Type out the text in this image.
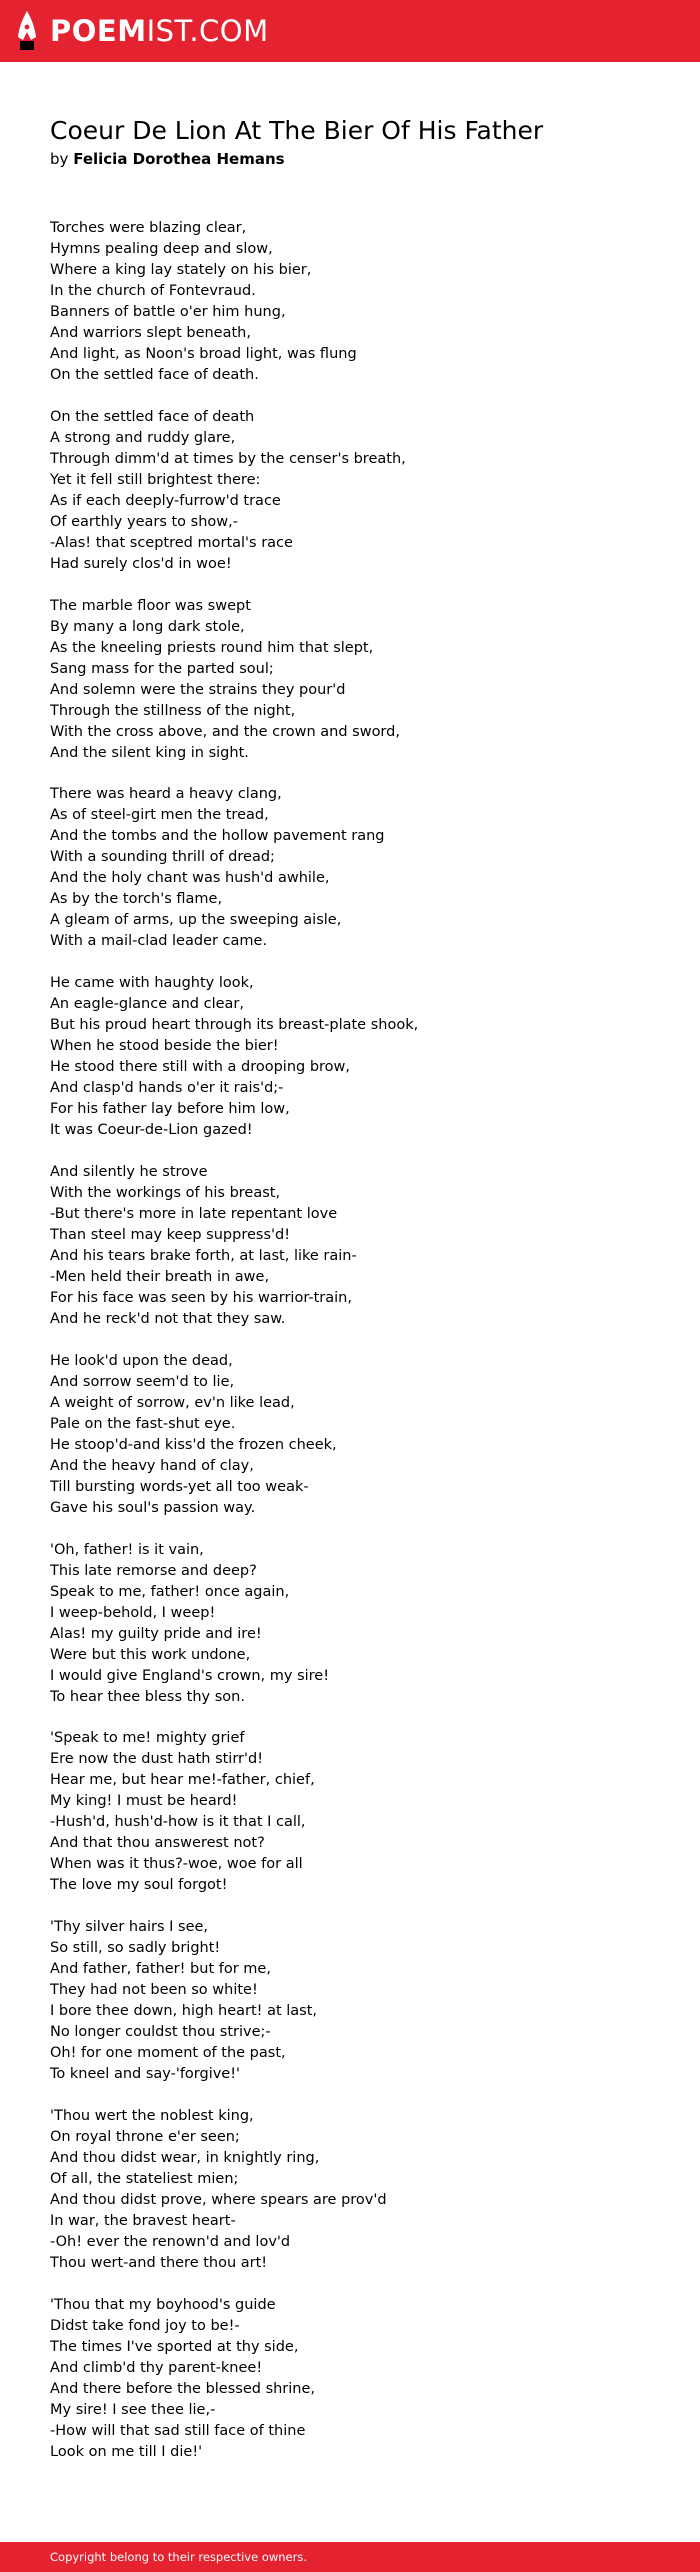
POEMIST.COM
Coeur De Lion At The Bier Of His Father
by Felicia Dorothea Hemans
Torches were blazing clear,
Hymns pealing deep and slow,
Where a king lay stately on his bier,
In the church of Fontevraud.
Banners of battle o'er him hung,
And warriors slept beneath,
And light, as Noon's broad light, was flung
On the settled face of death.
On the settled face of death
A strong and ruddy glare,
Through dimm'd at times by the censer's breath,
Yet it fell still brightest there:
As if each deeply-furrow'd trace
Of earthly years to show,-
-Alas! that sceptred mortal's race
Had surely clos'd in woe!
The marble floor was swept
By many a long dark stole,
As the kneeling priests round him that slept,
Sang mass for the parted soul;
And solemn were the strains they pour'd
Through the stillness of the night,
With the cross above, and the crown and sword,
And the silent king in sight.
There was heard a heavy clang,
As of steel-girt men the tread,
And the tombs and the hollow pavement rang
With a sounding thrill of dread;
And the holy chant was hush'd awhile,
As by the torch's flame,
A gleam of arms, up the sweeping aisle,
With a mail-clad leader came.
He came with haughty look,
An eagle-glance and clear,
But his proud heart through its breast-plate shook,
When he stood beside the bier!
He stood there still with a drooping brow,
And clasp'd hands o'er it rais'd;-
For his father lay before him low,
It was Coeur-de-Lion gazed!
And silently he strove
With the workings of his breast,
-But there's more in late repentant love
Than steel may keep suppress'd!
And his tears brake forth, at last, like rain-
-Men held their breath in awe,
For his face was seen by his warrior-train,
And he reck'd not that they saw.
He look'd upon the dead,
And sorrow seem'd to lie,
A weight of sorrow, ev'n like lead,
Pale on the fast-shut eye.
He stoop'd-and kiss'd the frozen cheek,
And the heavy hand of clay,
Till bursting words-yet all too weak-
Gave his soul's passion way.
'Oh, father! is it vain,
This late remorse and deep?
Speak to me, father! once again,
I weep-behold, I weep!
Alas! my guilty pride and ire!
Were but this work undone,
I would give England's crown, my sire!
To hear thee bless thy son.
'Speak to me! mighty grief
Ere now the dust hath stirr'd!
Hear me, but hear me!-father, chief,
My king! I must be heard!
-Hush'd, hush'd-how is it that I call,
And that thou answerest not?
When was it thus?-woe, woe for all
The love my soul forgot!
'Thy silver hairs I see,
So still, so sadly bright!
And father, father! but for me,
They had not been so white!
I bore thee down, high heart! at last,
No longer couldst thou strive;-
Oh! for one moment of the past,
To kneel and say-'forgive!'
'Thou wert the noblest king,
On royal throne e'er seen;
And thou didst wear, in knightly ring,
Of all, the stateliest mien;
And thou didst prove, where spears are prov'd
In war, the bravest heart-
-Oh! ever the renown'd and lov'd
Thou wert-and there thou art!
'Thou that my boyhood's guide
Didst take fond joy to be!-
The times I've sported at thy side,
And climb'd thy parent-knee!
And there before the blessed shrine,
My sire! I see thee lie,-
-How will that sad still face of thine
Look on me till I die!'
Copyright belong to their respective owners.
